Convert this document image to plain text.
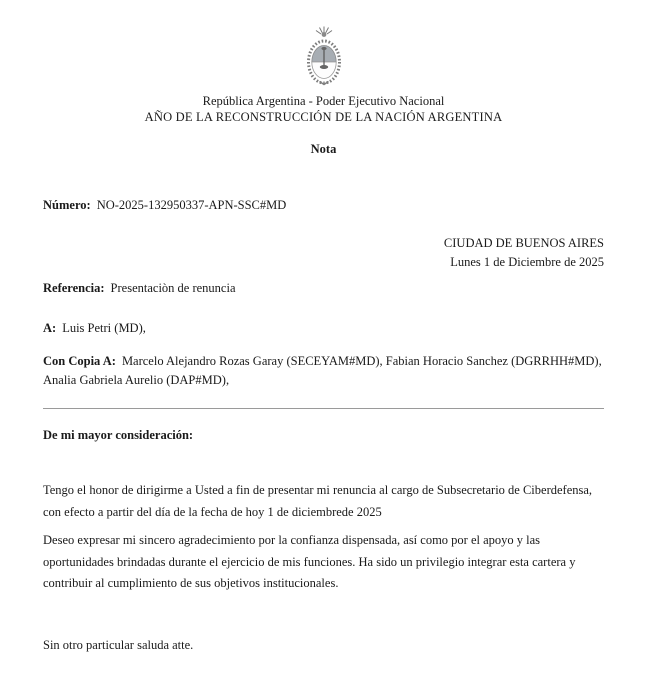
República Argentina - Poder Ejecutivo Nacional
AÑO DE LA RECONSTRUCCIÓN DE LA NACIÓN ARGENTINA
Nota
Número: NO-2025-132950337-APN-SSC#MD
CIUDAD DE BUENOS AIRES
Lunes 1 de Diciembre de 2025
Referencia: Presentaciòn de renuncia
A: Luis Petri (MD),
Con Copia A: Marcelo Alejandro Rozas Garay (SECEYAM#MD), Fabian Horacio Sanchez (DGRRHH#MD), Analia Gabriela Aurelio (DAP#MD),
De mi mayor consideración:
Tengo el honor de dirigirme a Usted a fin de presentar mi renuncia al cargo de Subsecretario de Ciberdefensa, con efecto a partir del día de la fecha de hoy 1 de diciembrede 2025
Deseo expresar mi sincero agradecimiento por la confianza dispensada, así como por el apoyo y las oportunidades brindadas durante el ejercicio de mis funciones. Ha sido un privilegio integrar esta cartera y contribuir al cumplimiento de sus objetivos institucionales.
Sin otro particular saluda atte.
